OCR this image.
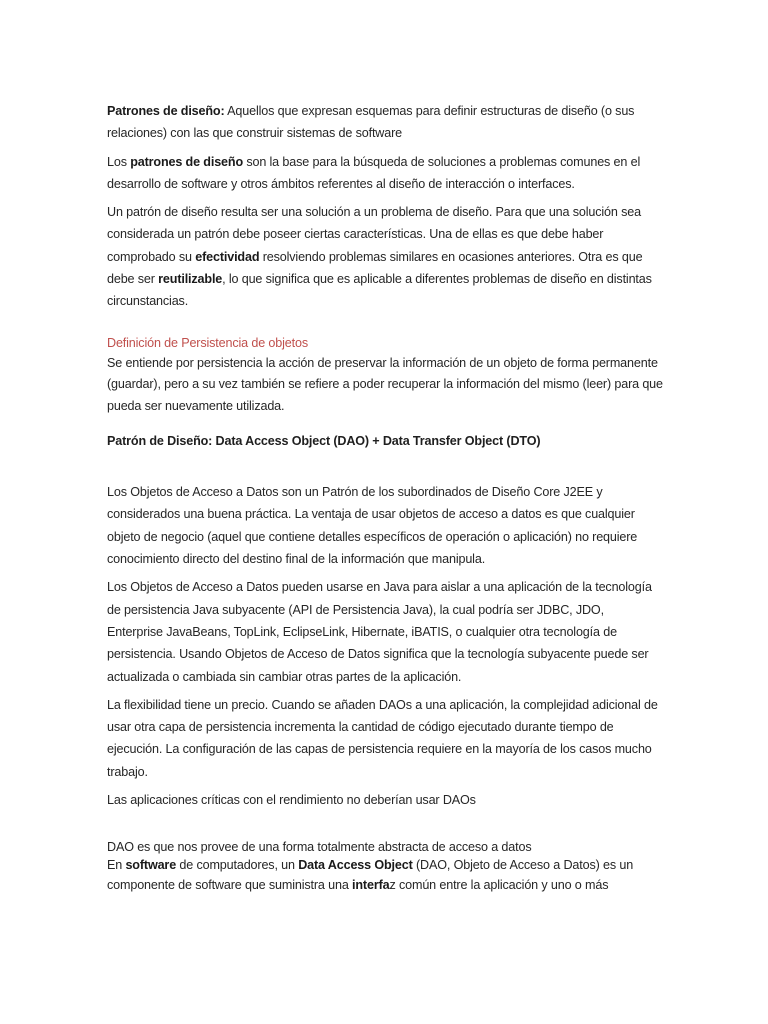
Patrones de diseño: Aquellos que expresan esquemas para definir estructuras de diseño (o sus relaciones) con las que construir sistemas de software

Los patrones de diseño son la base para la búsqueda de soluciones a problemas comunes en el desarrollo de software y otros ámbitos referentes al diseño de interacción o interfaces.

Un patrón de diseño resulta ser una solución a un problema de diseño. Para que una solución sea considerada un patrón debe poseer ciertas características. Una de ellas es que debe haber comprobado su efectividad resolviendo problemas similares en ocasiones anteriores. Otra es que debe ser reutilizable, lo que significa que es aplicable a diferentes problemas de diseño en distintas circunstancias.

Definición de Persistencia de objetos

Se entiende por persistencia la acción de preservar la información de un objeto de forma permanente (guardar), pero a su vez también se refiere a poder recuperar la información del mismo (leer) para que pueda ser nuevamente utilizada.

Patrón de Diseño: Data Access Object (DAO) + Data Transfer Object (DTO)

Los Objetos de Acceso a Datos son un Patrón de los subordinados de Diseño Core J2EE y considerados una buena práctica. La ventaja de usar objetos de acceso a datos es que cualquier objeto de negocio (aquel que contiene detalles específicos de operación o aplicación) no requiere conocimiento directo del destino final de la información que manipula.

Los Objetos de Acceso a Datos pueden usarse en Java para aislar a una aplicación de la tecnología de persistencia Java subyacente (API de Persistencia Java), la cual podría ser JDBC, JDO, Enterprise JavaBeans, TopLink, EclipseLink, Hibernate, iBATIS, o cualquier otra tecnología de persistencia. Usando Objetos de Acceso de Datos significa que la tecnología subyacente puede ser actualizada o cambiada sin cambiar otras partes de la aplicación.

La flexibilidad tiene un precio. Cuando se añaden DAOs a una aplicación, la complejidad adicional de usar otra capa de persistencia incrementa la cantidad de código ejecutado durante tiempo de ejecución. La configuración de las capas de persistencia requiere en la mayoría de los casos mucho trabajo.

Las aplicaciones críticas con el rendimiento no deberían usar DAOs

DAO es que nos provee de una forma totalmente abstracta de acceso a datos

En software de computadores, un Data Access Object (DAO, Objeto de Acceso a Datos) es un componente de software que suministra una interfaz común entre la aplicación y uno o más
